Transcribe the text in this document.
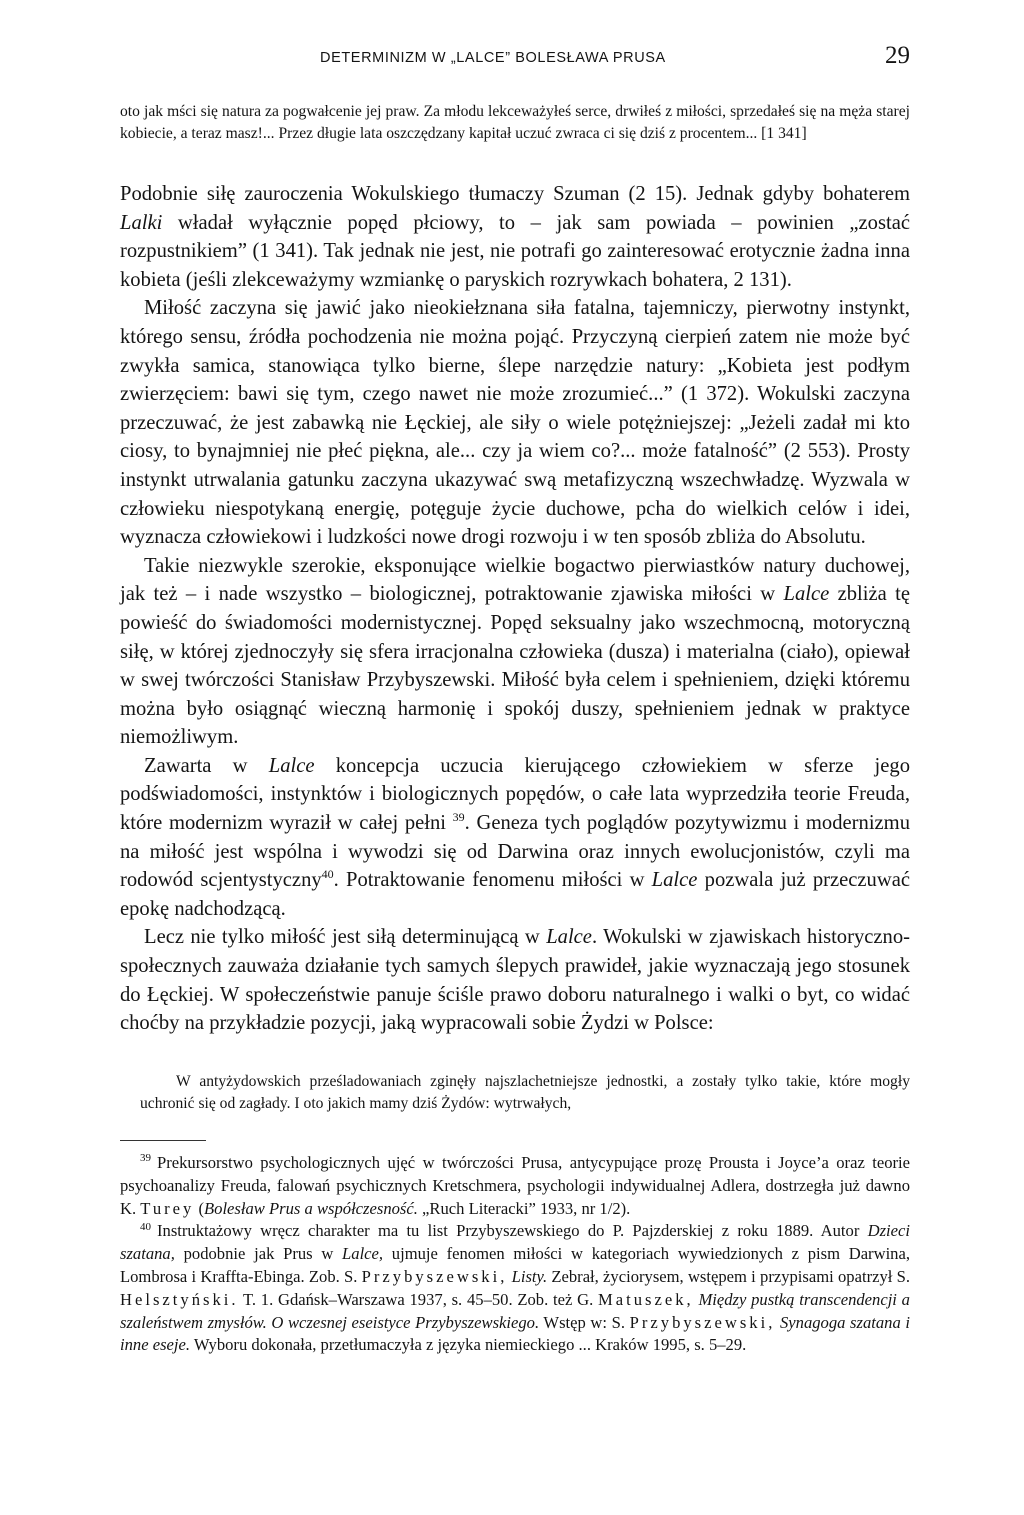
DETERMINIZM W „LALCE” BOLESŁAWA PRUSA	29
oto jak mści się natura za pogwałcenie jej praw. Za młodu lekceważyłeś serce, drwiłeś z miłości, sprzedałeś się na męża starej kobiecie, a teraz masz!... Przez długie lata oszczędzany kapitał uczuć zwraca ci się dziś z procentem... [1 341]

Podobnie siłę zauroczenia Wokulskiego tłumaczy Szuman (2 15). Jednak gdyby bohaterem Lalki władał wyłącznie popęd płciowy, to – jak sam powiada – powinien „zostać rozpustnikiem” (1 341). Tak jednak nie jest, nie potrafi go zainteresować erotycznie żadna inna kobieta (jeśli zlekceważymy wzmiankę o paryskich rozrywkach bohatera, 2 131).

Miłość zaczyna się jawić jako nieokiełznana siła fatalna, tajemniczy, pierwotny instynkt, którego sensu, źródła pochodzenia nie można pojąć. Przyczyną cierpień zatem nie może być zwykła samica, stanowiąca tylko bierne, ślepe narzędzie natury: „Kobieta jest podłym zwierzęciem: bawi się tym, czego nawet nie może zrozumieć...” (1 372). Wokulski zaczyna przeczuwać, że jest zabawką nie Łęckiej, ale siły o wiele potężniejszej: „Jeżeli zadał mi kto ciosy, to bynajmniej nie płeć piękna, ale... czy ja wiem co?... może fatalność” (2 553). Prosty instynkt utrwalania gatunku zaczyna ukazywać swą metafizyczną wszechwładzę. Wyzwala w człowieku niespotykaną energię, potęguje życie duchowe, pcha do wielkich celów i idei, wyznacza człowiekowi i ludzkości nowe drogi rozwoju i w ten sposób zbliża do Absolutu.

Takie niezwykle szerokie, eksponujące wielkie bogactwo pierwiastków natury duchowej, jak też – i nade wszystko – biologicznej, potraktowanie zjawiska miłości w Lalce zbliża tę powieść do świadomości modernistycznej. Popęd seksualny jako wszechmocną, motoryczną siłę, w której zjednoczyły się sfera irracjonalna człowieka (dusza) i materialna (ciało), opiewał w swej twórczości Stanisław Przybyszewski. Miłość była celem i spełnieniem, dzięki któremu można było osiągnąć wieczną harmonię i spokój duszy, spełnieniem jednak w praktyce niemożliwym.

Zawarta w Lalce koncepcja uczucia kierującego człowiekiem w sferze jego podświadomości, instynktów i biologicznych popędów, o całe lata wyprzedziła teorie Freuda, które modernizm wyraził w całej pełni $^{39}$. Geneza tych poglądów pozytywizmu i modernizmu na miłość jest wspólna i wywodzi się od Darwina oraz innych ewolucjonistów, czyli ma rodowód scjentystyczny$^{40}$. Potraktowanie fenomenu miłości w Lalce pozwala już przeczuwać epokę nadchodzącą.

Lecz nie tylko miłość jest siłą determinującą w Lalce. Wokulski w zjawiskach historyczno-społecznych zauważa działanie tych samych ślepych prawideł, jakie wyznaczają jego stosunek do Łęckiej. W społeczeństwie panuje ściśle prawo doboru naturalnego i walki o byt, co widać choćby na przykładzie pozycji, jaką wypracowali sobie Żydzi w Polsce:

W antyżydowskich prześladowaniach zginęły najszlachetniejsze jednostki, a zostały tylko takie, które mogły uchronić się od zagłady. I oto jakich mamy dziś Żydów: wytrwałych,

$^{39}$ Prekursorstwo psychologicznych ujęć w twórczości Prusa, antycypujące prozę Prousta i Joyce’a oraz teorie psychoanalizy Freuda, falowań psychicznych Kretschmera, psychologii indywidualnej Adlera, dostrzegła już dawno K. Turey (Bolesław Prus a współczesność. „Ruch Literacki” 1933, nr 1/2).

$^{40}$ Instruktażowy wręcz charakter ma tu list Przybyszewskiego do P. Pajzderskiej z roku 1889. Autor Dzieci szatana, podobnie jak Prus w Lalce, ujmuje fenomen miłości w kategoriach wywiedzionych z pism Darwina, Lombrosa i Kraffta-Ebinga. Zob. S. Przybyszewski, Listy. Zebrał, życiorysem, wstępem i przypisami opatrzył S. Helsztyński. T. 1. Gdańsk–Warszawa 1937, s. 45–50. Zob. też G. Matuszek, Między pustką transcendencji a szaleństwem zmysłów. O wczesnej eseistyce Przybyszewskiego. Wstęp w: S. Przybyszewski, Synagoga szatana i inne eseje. Wyboru dokonała, przetłumaczyła z języka niemieckiego ... Kraków 1995, s. 5–29.
